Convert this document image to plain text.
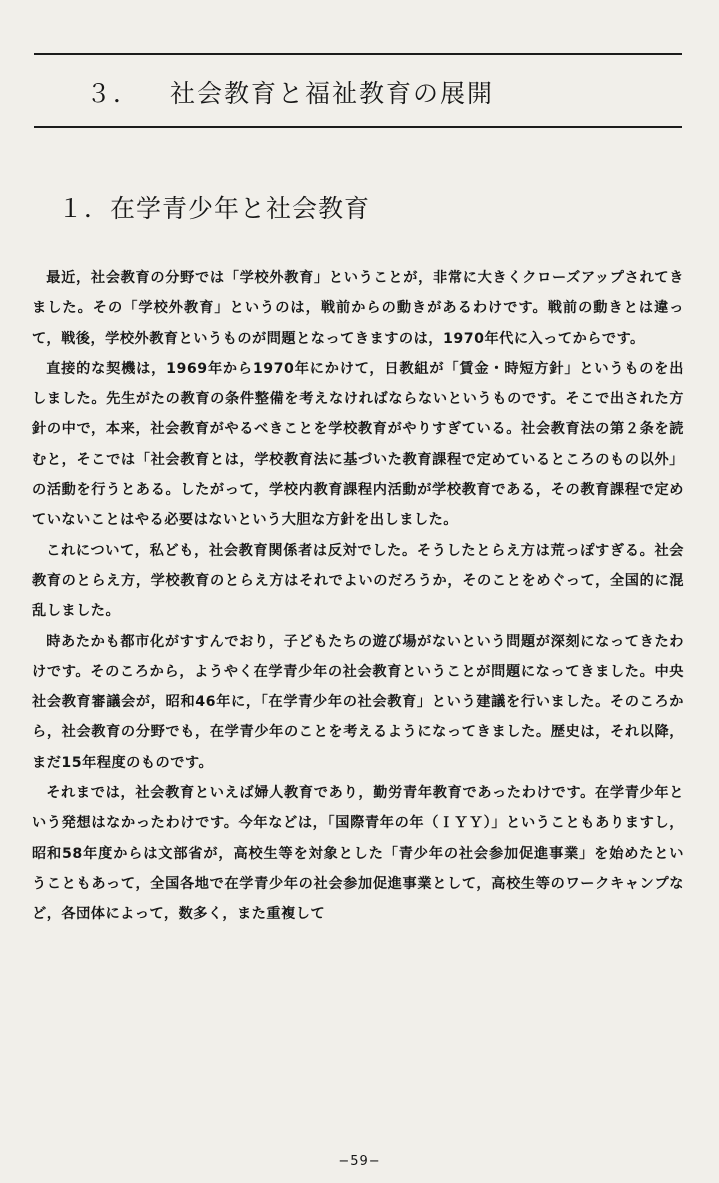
３． 社会教育と福祉教育の展開
１．在学青少年と社会教育

最近，社会教育の分野では「学校外教育」ということが，非常に大きくクローズアップされてきました。その「学校外教育」というのは，戦前からの動きがあるわけです。戦前の動きとは違って，戦後，学校外教育というものが問題となってきますのは，1970年代に入ってからです。

直接的な契機は，1969年から1970年にかけて，日教組が「賃金・時短方針」というものを出しました。先生がたの教育の条件整備を考えなければならないというものです。そこで出された方針の中で，本来，社会教育がやるべきことを学校教育がやりすぎている。社会教育法の第２条を読むと，そこでは「社会教育とは，学校教育法に基づいた教育課程で定めているところのもの以外」の活動を行うとある。したがって，学校内教育課程内活動が学校教育である，その教育課程で定めていないことはやる必要はないという大胆な方針を出しました。

これについて，私ども，社会教育関係者は反対でした。そうしたとらえ方は荒っぽすぎる。社会教育のとらえ方，学校教育のとらえ方はそれでよいのだろうか，そのことをめぐって，全国的に混乱しました。

時あたかも都市化がすすんでおり，子どもたちの遊び場がないという問題が深刻になってきたわけです。そのころから，ようやく在学青少年の社会教育ということが問題になってきました。中央社会教育審議会が，昭和46年に，「在学青少年の社会教育」という建議を行いました。そのころから，社会教育の分野でも，在学青少年のことを考えるようになってきました。歴史は，それ以降，まだ15年程度のものです。

それまでは，社会教育といえば婦人教育であり，勤労青年教育であったわけです。在学青少年という発想はなかったわけです。今年などは，「国際青年の年（ＩＹＹ）」ということもありますし，昭和58年度からは文部省が，高校生等を対象とした「青少年の社会参加促進事業」を始めたということもあって，全国各地で在学青少年の社会参加促進事業として，高校生等のワークキャンプなど，各団体によって，数多く，また重複して

−59−
